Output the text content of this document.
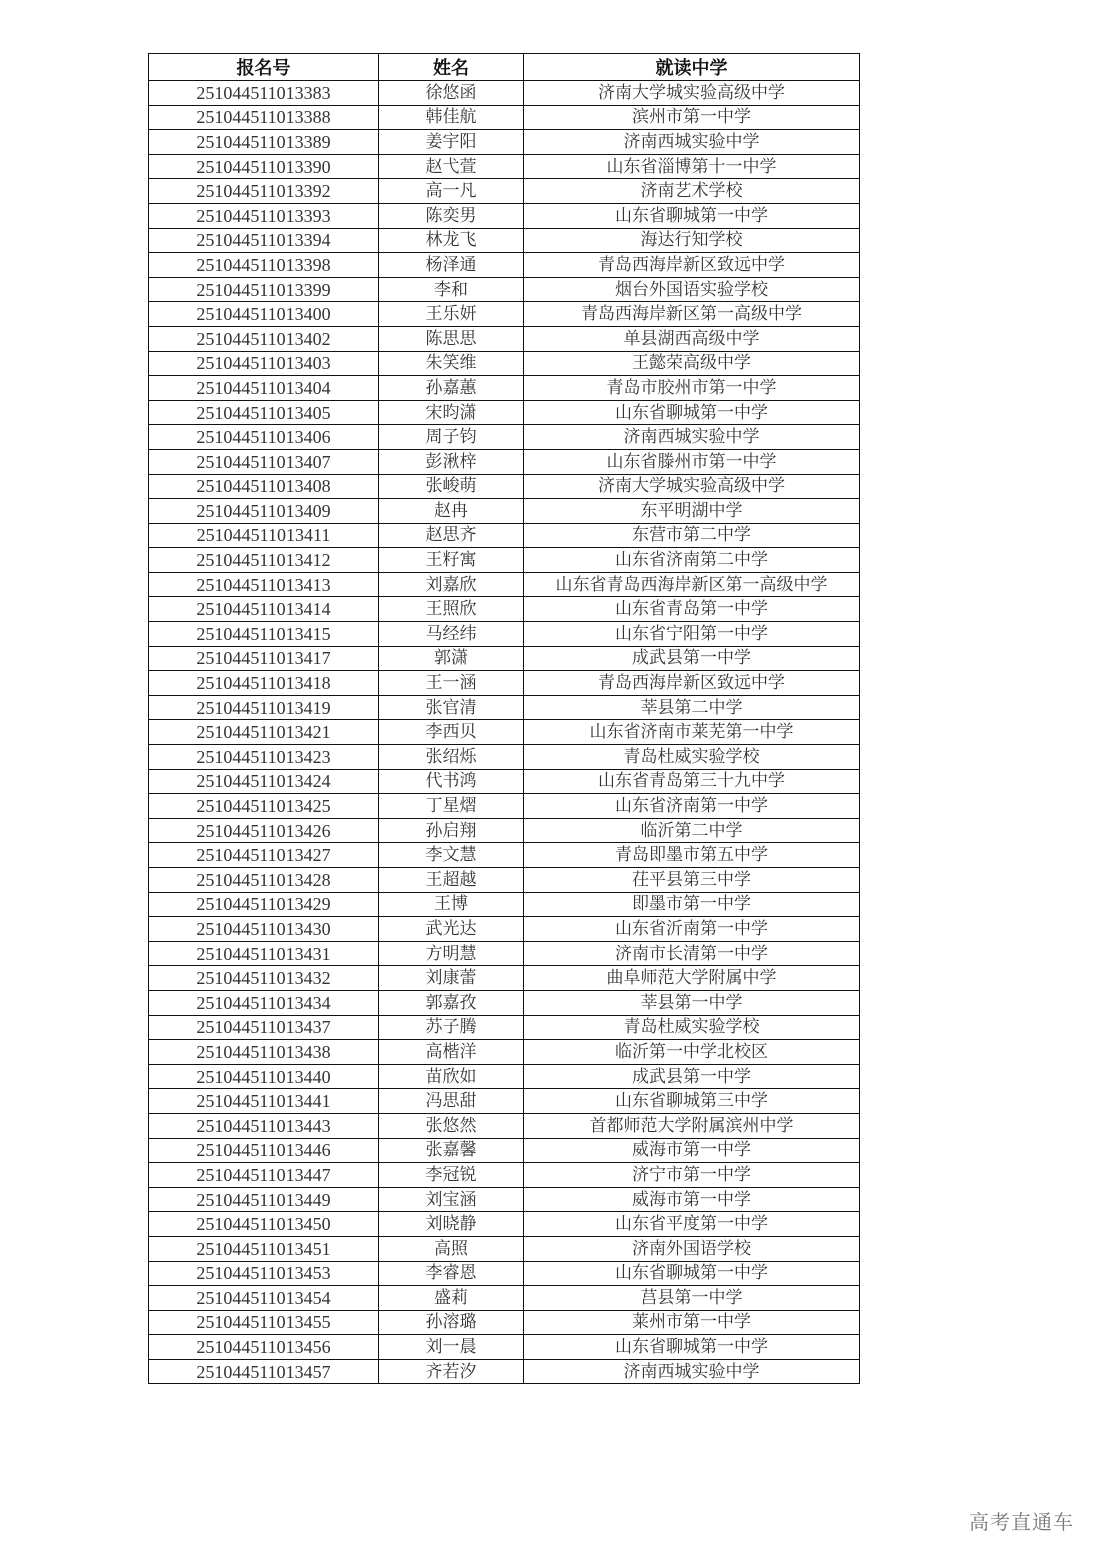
报名号	姓名	就读中学
251044511013383	徐悠函	济南大学城实验高级中学
251044511013388	韩佳航	滨州市第一中学
251044511013389	姜宇阳	济南西城实验中学
251044511013390	赵弋萱	山东省淄博第十一中学
251044511013392	高一凡	济南艺术学校
251044511013393	陈奕男	山东省聊城第一中学
251044511013394	林龙飞	海达行知学校
251044511013398	杨泽通	青岛西海岸新区致远中学
251044511013399	李和	烟台外国语实验学校
251044511013400	王乐妍	青岛西海岸新区第一高级中学
251044511013402	陈思思	单县湖西高级中学
251044511013403	朱笑维	王懿荣高级中学
251044511013404	孙嘉蕙	青岛市胶州市第一中学
251044511013405	宋昀潇	山东省聊城第一中学
251044511013406	周子钧	济南西城实验中学
251044511013407	彭湫梓	山东省滕州市第一中学
251044511013408	张峻萌	济南大学城实验高级中学
251044511013409	赵冉	东平明湖中学
251044511013411	赵思齐	东营市第二中学
251044511013412	王籽寓	山东省济南第二中学
251044511013413	刘嘉欣	山东省青岛西海岸新区第一高级中学
251044511013414	王照欣	山东省青岛第一中学
251044511013415	马经纬	山东省宁阳第一中学
251044511013417	郭潇	成武县第一中学
251044511013418	王一涵	青岛西海岸新区致远中学
251044511013419	张官清	莘县第二中学
251044511013421	李西贝	山东省济南市莱芜第一中学
251044511013423	张绍烁	青岛杜威实验学校
251044511013424	代书鸿	山东省青岛第三十九中学
251044511013425	丁星熠	山东省济南第一中学
251044511013426	孙启翔	临沂第二中学
251044511013427	李文慧	青岛即墨市第五中学
251044511013428	王超越	茌平县第三中学
251044511013429	王博	即墨市第一中学
251044511013430	武光达	山东省沂南第一中学
251044511013431	方明慧	济南市长清第一中学
251044511013432	刘康蕾	曲阜师范大学附属中学
251044511013434	郭嘉孜	莘县第一中学
251044511013437	苏子腾	青岛杜威实验学校
251044511013438	高楷洋	临沂第一中学北校区
251044511013440	苗欣如	成武县第一中学
251044511013441	冯思甜	山东省聊城第三中学
251044511013443	张悠然	首都师范大学附属滨州中学
251044511013446	张嘉馨	威海市第一中学
251044511013447	李冠锐	济宁市第一中学
251044511013449	刘宝涵	威海市第一中学
251044511013450	刘晓静	山东省平度第一中学
251044511013451	高照	济南外国语学校
251044511013453	李睿恩	山东省聊城第一中学
251044511013454	盛莉	莒县第一中学
251044511013455	孙溶璐	莱州市第一中学
251044511013456	刘一晨	山东省聊城第一中学
251044511013457	齐若汐	济南西城实验中学
高考直通车
